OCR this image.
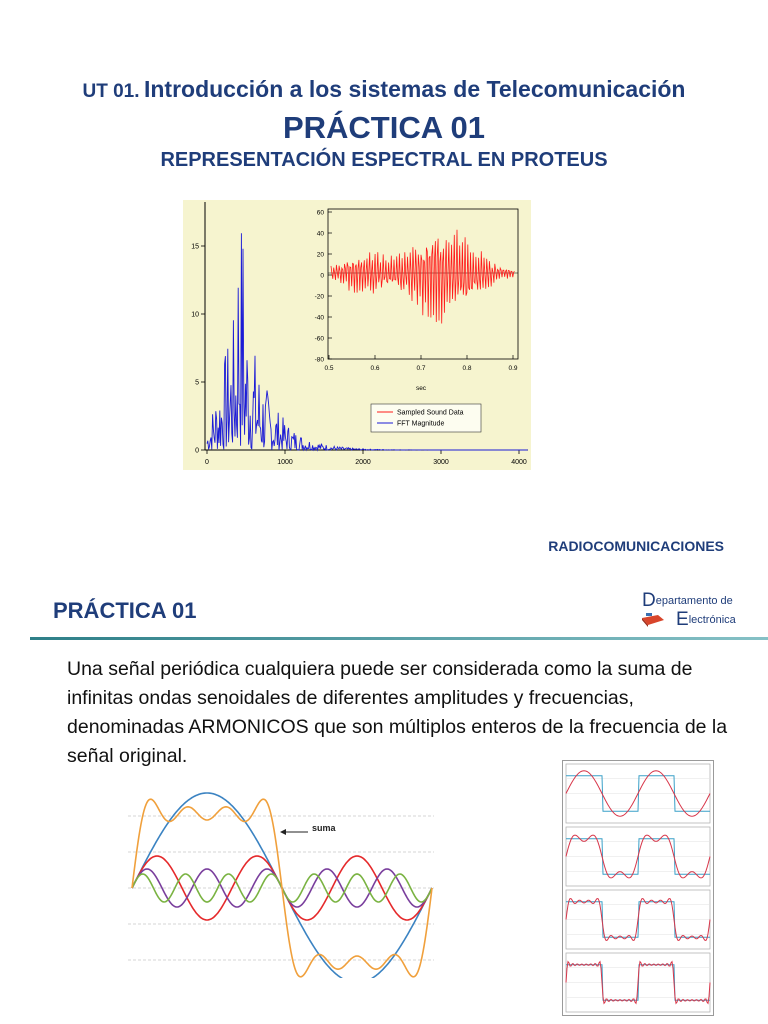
UT 01. Introducción a los sistemas de Telecomunicación
PRÁCTICA 01
REPRESENTACIÓN ESPECTRAL EN PROTEUS
0
5
10
15
0	1000	2000	3000	4000
60
40
20
0
-20
-40
-60
-80
0.5	0.6	0.7	0.8	0.9
sec
Sampled Sound Data
FFT Magnitude
RADIOCOMUNICACIONES
PRÁCTICA 01	Departamento de
Electrónica
Una señal periódica cualquiera puede ser considerada como la suma de infinitas ondas senoidales de diferentes amplitudes y frecuencias, denominadas ARMONICOS que son múltiplos enteros de la frecuencia de la señal original.
suma
